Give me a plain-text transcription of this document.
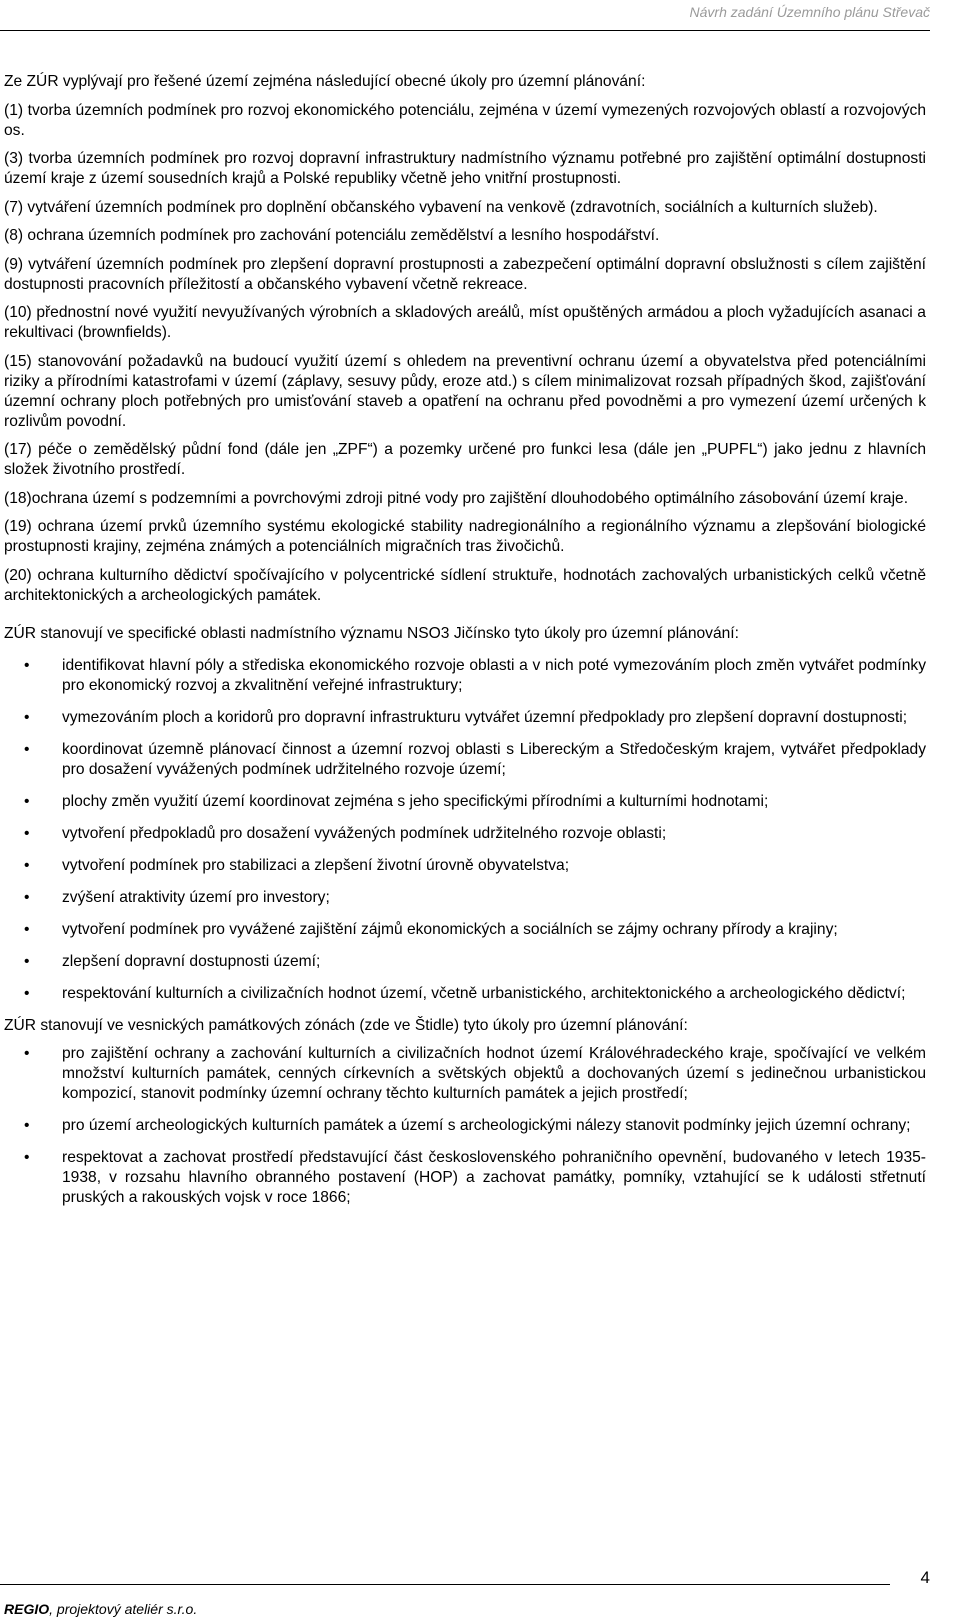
Návrh zadání Územního plánu Střevač

Ze ZÚR vyplývají pro řešené území zejména následující obecné úkoly pro územní plánování:

(1) tvorba územních podmínek pro rozvoj ekonomického potenciálu, zejména v území vymezených rozvojových oblastí a rozvojových os.

(3) tvorba územních podmínek pro rozvoj dopravní infrastruktury nadmístního významu potřebné pro zajištění optimální dostupnosti území kraje z území sousedních krajů a Polské republiky včetně jeho vnitřní prostupnosti.

(7) vytváření územních podmínek pro doplnění občanského vybavení na venkově (zdravotních, sociálních a kulturních služeb).

(8) ochrana územních podmínek pro zachování potenciálu zemědělství a lesního hospodářství.

(9) vytváření územních podmínek pro zlepšení dopravní prostupnosti a zabezpečení optimální dopravní obslužnosti s cílem zajištění dostupnosti pracovních příležitostí a občanského vybavení včetně rekreace.

(10) přednostní nové využití nevyužívaných výrobních a skladových areálů, míst opuštěných armádou a ploch vyžadujících asanaci a rekultivaci (brownfields).

(15) stanovování požadavků na budoucí využití území s ohledem na preventivní ochranu území a obyvatelstva před potenciálními riziky a přírodními katastrofami v území (záplavy, sesuvy půdy, eroze atd.) s cílem minimalizovat rozsah případných škod, zajišťování územní ochrany ploch potřebných pro umisťování staveb a opatření na ochranu před povodněmi a pro vymezení území určených k rozlivům povodní.

(17) péče o zemědělský půdní fond (dále jen „ZPF“) a pozemky určené pro funkci lesa (dále jen „PUPFL“) jako jednu z hlavních složek životního prostředí.

(18)ochrana území s podzemními a povrchovými zdroji pitné vody pro zajištění dlouhodobého optimálního zásobování území kraje.

(19) ochrana území prvků územního systému ekologické stability nadregionálního a regionálního významu a zlepšování biologické prostupnosti krajiny, zejména známých a potenciálních migračních tras živočichů.

(20) ochrana kulturního dědictví spočívajícího v polycentrické sídlení struktuře, hodnotách zachovalých urbanistických celků včetně architektonických a archeologických památek.

ZÚR stanovují ve specifické oblasti nadmístního významu NSO3 Jičínsko tyto úkoly pro územní plánování:

• identifikovat hlavní póly a střediska ekonomického rozvoje oblasti a v nich poté vymezováním ploch změn vytvářet podmínky pro ekonomický rozvoj a zkvalitnění veřejné infrastruktury;
• vymezováním ploch a koridorů pro dopravní infrastrukturu vytvářet územní předpoklady pro zlepšení dopravní dostupnosti;
• koordinovat územně plánovací činnost a územní rozvoj oblasti s Libereckým a Středočeským krajem, vytvářet předpoklady pro dosažení vyvážených podmínek udržitelného rozvoje území;
• plochy změn využití území koordinovat zejména s jeho specifickými přírodními a kulturními hodnotami;
• vytvoření předpokladů pro dosažení vyvážených podmínek udržitelného rozvoje oblasti;
• vytvoření podmínek pro stabilizaci a zlepšení životní úrovně obyvatelstva;
• zvýšení atraktivity území pro investory;
• vytvoření podmínek pro vyvážené zajištění zájmů ekonomických a sociálních se zájmy ochrany přírody a krajiny;
• zlepšení dopravní dostupnosti území;
• respektování kulturních a civilizačních hodnot území, včetně urbanistického, architektonického a archeologického dědictví;

ZÚR stanovují ve vesnických památkových zónách (zde ve Štidle) tyto úkoly pro územní plánování:

• pro zajištění ochrany a zachování kulturních a civilizačních hodnot území Královéhradeckého kraje, spočívající ve velkém množství kulturních památek, cenných církevních a světských objektů a dochovaných území s jedinečnou urbanistickou kompozicí, stanovit podmínky územní ochrany těchto kulturních památek a jejich prostředí;
• pro území archeologických kulturních památek a území s archeologickými nálezy stanovit podmínky jejich územní ochrany;
• respektovat a zachovat prostředí představující část československého pohraničního opevnění, budovaného v letech 1935-1938, v rozsahu hlavního obranného postavení (HOP) a zachovat památky, pomníky, vztahující se k události střetnutí pruských a rakouských vojsk v roce 1866;
4
REGIO, projektový ateliér s.r.o.
